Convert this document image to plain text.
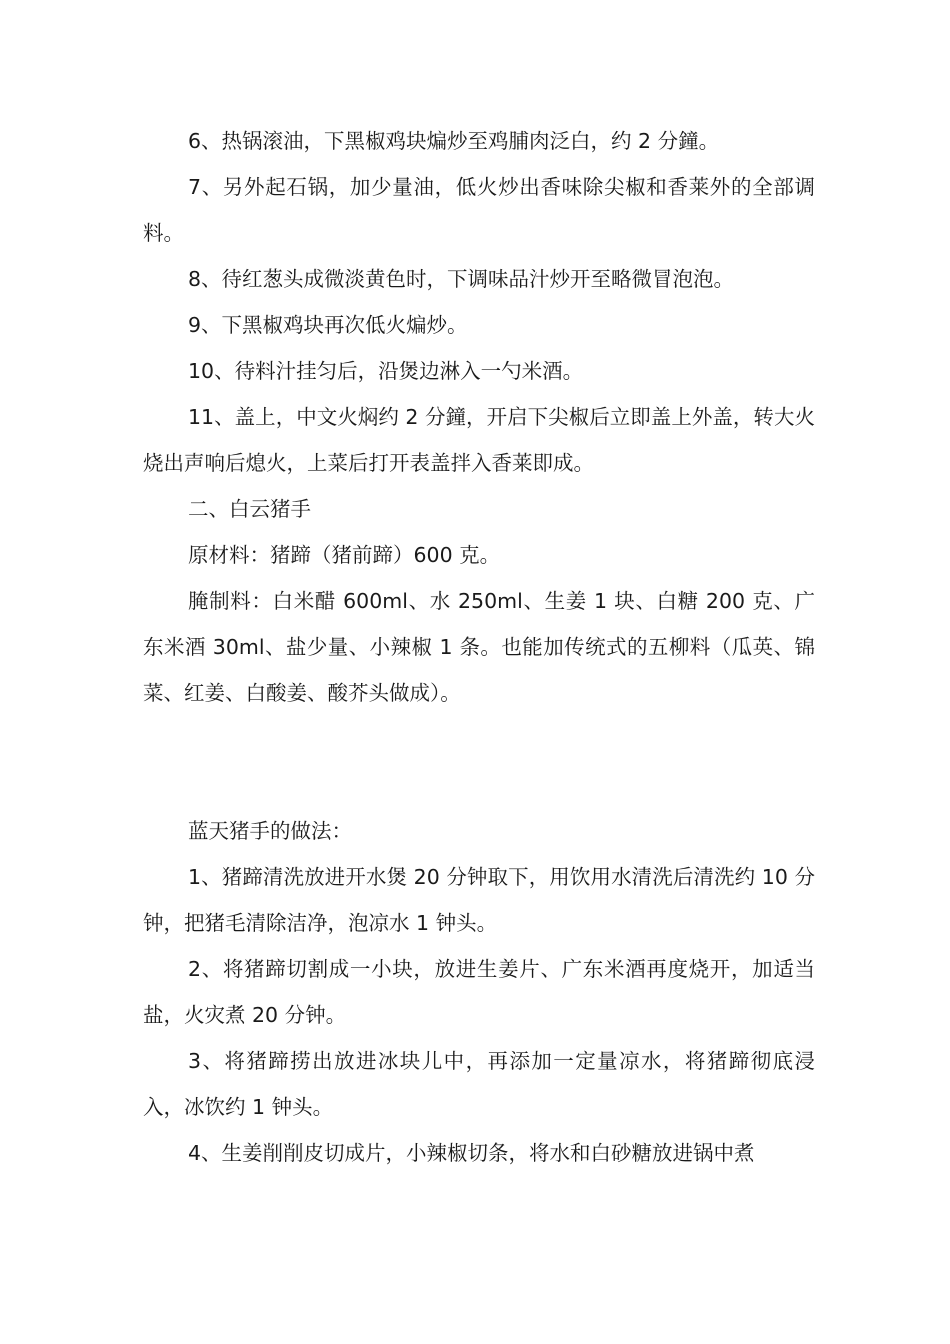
6、热锅滚油，下黑椒鸡块煸炒至鸡脯肉泛白，约 2 分鐘。

7、另外起石锅，加少量油，低火炒出香味除尖椒和香莱外的全部调料。

8、待红葱头成微淡黄色时，下调味品汁炒开至略微冒泡泡。

9、下黑椒鸡块再次低火煸炒。

10、待料汁挂匀后，沿煲边淋入一勺米酒。

11、盖上，中文火焖约 2 分鐘，开启下尖椒后立即盖上外盖，转大火烧出声响后熄火，上菜后打开表盖拌入香莱即成。

二、白云猪手

原材料：猪蹄（猪前蹄）600 克。

腌制料：白米醋 600ml、水 250ml、生姜 1 块、白糖 200 克、广东米酒 30ml、盐少量、小辣椒 1 条。也能加传统式的五柳料（瓜英、锦菜、红姜、白酸姜、酸芥头做成）。

蓝天猪手的做法：

1、猪蹄清洗放进开水煲 20 分钟取下，用饮用水清洗后清洗约 10 分钟，把猪毛清除洁净，泡凉水 1 钟头。

2、将猪蹄切割成一小块，放进生姜片、广东米酒再度烧开，加适当盐，火灾煮 20 分钟。

3、将猪蹄捞出放进冰块儿中，再添加一定量凉水，将猪蹄彻底浸入，冰饮约 1 钟头。

4、生姜削削皮切成片，小辣椒切条，将水和白砂糖放进锅中煮
